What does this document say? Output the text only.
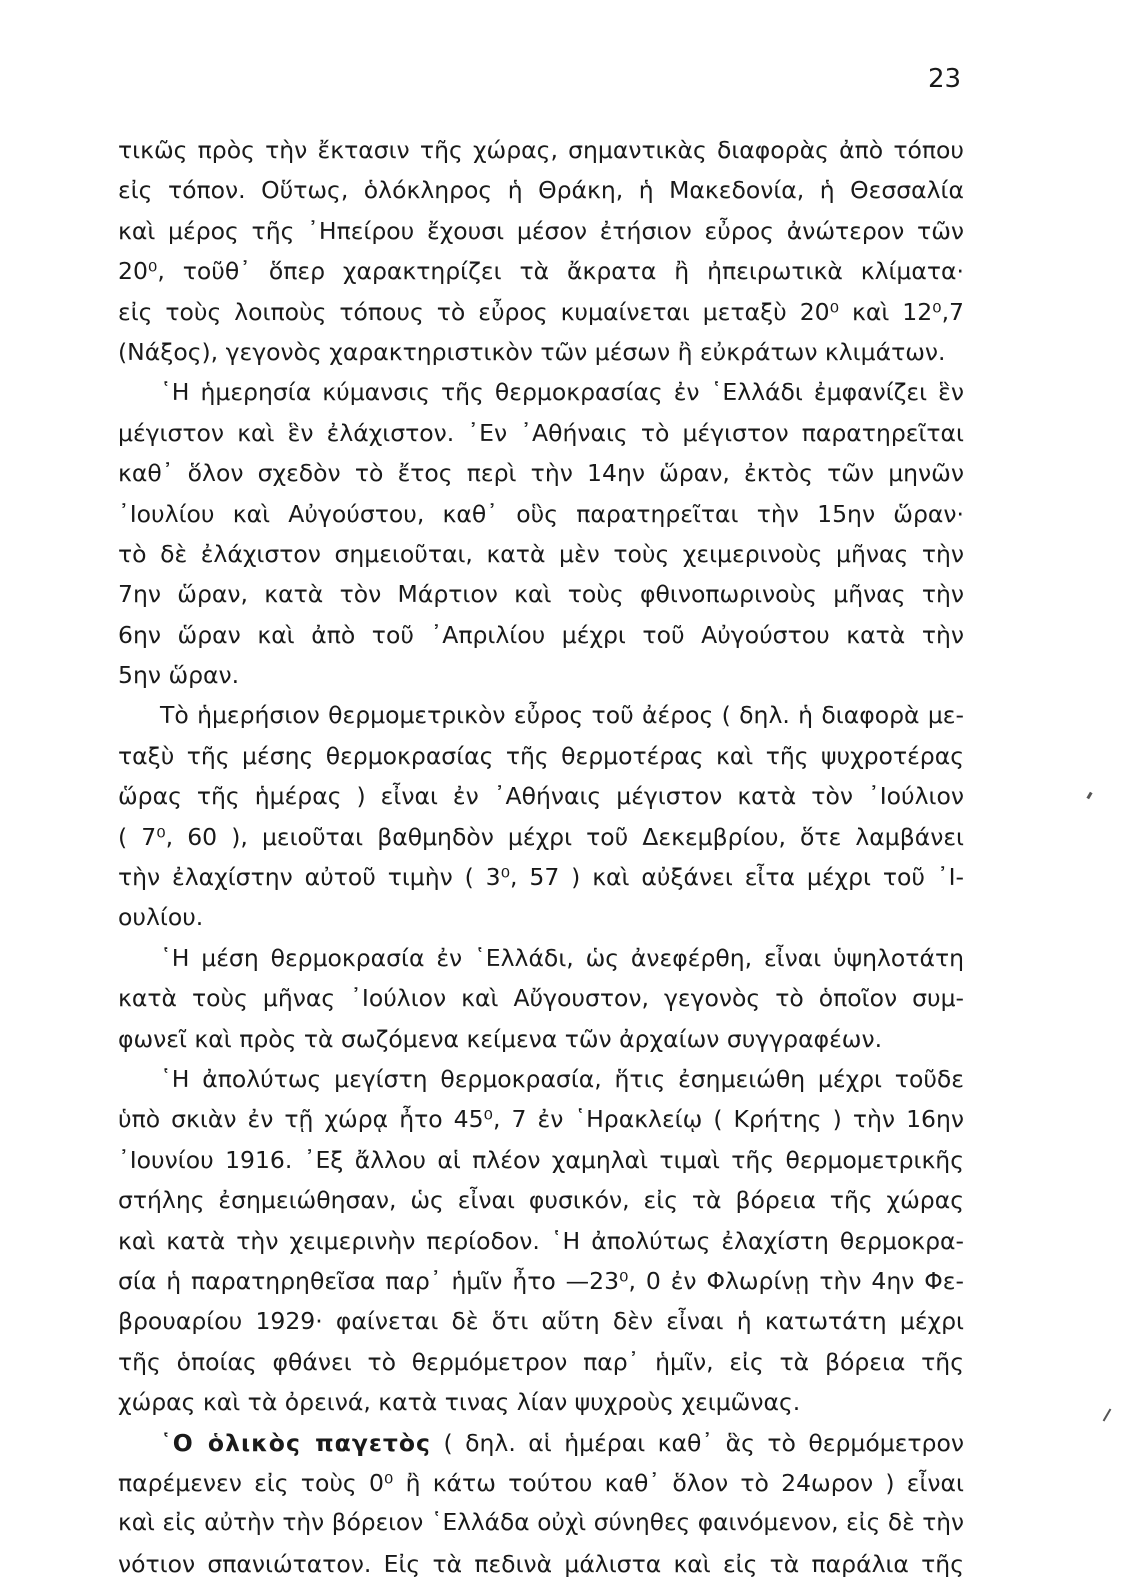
23
τικῶς πρὸς τὴν ἔκτασιν τῆς χώρας, σημαντικὰς διαφορὰς ἀπὸ τόπου
εἰς τόπον. Οὕτως, ὁλόκληρος ἡ Θράκη, ἡ Μακεδονία, ἡ Θεσσαλία
καὶ μέρος τῆς ᾿Ηπείρου ἔχουσι μέσον ἐτήσιον εὖρος ἀνώτερον τῶν
20⁰, τοῦθ᾿ ὅπερ χαρακτηρίζει τὰ ἄκρατα ἢ ἠπειρωτικὰ κλίματα·
εἰς τοὺς λοιποὺς τόπους τὸ εὖρος κυμαίνεται μεταξὺ 20⁰ καὶ 12⁰,7
(Νάξος), γεγονὸς χαρακτηριστικὸν τῶν μέσων ἢ εὐκράτων κλιμάτων.
῾Η ἡμερησία κύμανσις τῆς θερμοκρασίας ἐν ῾Ελλάδι ἐμφανίζει ἓν
μέγιστον καὶ ἓν ἐλάχιστον. ᾿Εν ᾿Αθήναις τὸ μέγιστον παρατηρεῖται
καθ᾿ ὅλον σχεδὸν τὸ ἔτος περὶ τὴν 14ην ὥραν, ἐκτὸς τῶν μηνῶν
᾿Ιουλίου καὶ Αὐγούστου, καθ᾿ οὓς παρατηρεῖται τὴν 15ην ὥραν·
τὸ δὲ ἐλάχιστον σημειοῦται, κατὰ μὲν τοὺς χειμερινοὺς μῆνας τὴν
7ην ὥραν, κατὰ τὸν Μάρτιον καὶ τοὺς φθινοπωρινοὺς μῆνας τὴν
6ην ὥραν καὶ ἀπὸ τοῦ ᾿Απριλίου μέχρι τοῦ Αὐγούστου κατὰ τὴν
5ην ὥραν.
Τὸ ἡμερήσιον θερμομετρικὸν εὖρος τοῦ ἀέρος ( δηλ. ἡ διαφορὰ με-
ταξὺ τῆς μέσης θερμοκρασίας τῆς θερμοτέρας καὶ τῆς ψυχροτέρας
ὥρας τῆς ἡμέρας ) εἶναι ἐν ᾿Αθήναις μέγιστον κατὰ τὸν ᾿Ιούλιον
( 7⁰, 60 ), μειοῦται βαθμηδὸν μέχρι τοῦ Δεκεμβρίου, ὅτε λαμβάνει
τὴν ἐλαχίστην αὐτοῦ τιμὴν ( 3⁰, 57 ) καὶ αὐξάνει εἶτα μέχρι τοῦ ᾿Ι-
ουλίου.
῾Η μέση θερμοκρασία ἐν ῾Ελλάδι, ὡς ἀνεφέρθη, εἶναι ὑψηλοτάτη
κατὰ τοὺς μῆνας ᾿Ιούλιον καὶ Αὔγουστον, γεγονὸς τὸ ὁποῖον συμ-
φωνεῖ καὶ πρὸς τὰ σωζόμενα κείμενα τῶν ἀρχαίων συγγραφέων.
῾Η ἀπολύτως μεγίστη θερμοκρασία, ἥτις ἐσημειώθη μέχρι τοῦδε
ὑπὸ σκιὰν ἐν τῇ χώρᾳ ἦτο 45⁰, 7 ἐν ῾Ηρακλείῳ ( Κρήτης ) τὴν 16ην
᾿Ιουνίου 1916. ᾿Εξ ἄλλου αἱ πλέον χαμηλαὶ τιμαὶ τῆς θερμομετρικῆς
στήλης ἐσημειώθησαν, ὡς εἶναι φυσικόν, εἰς τὰ βόρεια τῆς χώρας
καὶ κατὰ τὴν χειμερινὴν περίοδον. ῾Η ἀπολύτως ἐλαχίστη θερμοκρα-
σία ἡ παρατηρηθεῖσα παρ᾿ ἡμῖν ἦτο —23⁰, 0 ἐν Φλωρίνῃ τὴν 4ην Φε-
βρουαρίου 1929· φαίνεται δὲ ὅτι αὕτη δὲν εἶναι ἡ κατωτάτη μέχρι
τῆς ὁποίας φθάνει τὸ θερμόμετρον παρ᾿ ἡμῖν, εἰς τὰ βόρεια τῆς
χώρας καὶ τὰ ὀρεινά, κατὰ τινας λίαν ψυχροὺς χειμῶνας.
῾Ο ὁλικὸς παγετὸς ( δηλ. αἱ ἡμέραι καθ᾿ ἃς τὸ θερμόμετρον
παρέμενεν εἰς τοὺς 0⁰ ἢ κάτω τούτου καθ᾿ ὅλον τὸ 24ωρον ) εἶναι
καὶ εἰς αὐτὴν τὴν βόρειον ῾Ελλάδα οὐχὶ σύνηθες φαινόμενον, εἰς δὲ τὴν
νότιον σπανιώτατον. Εἰς τὰ πεδινὰ μάλιστα καὶ εἰς τὰ παράλια τῆς
